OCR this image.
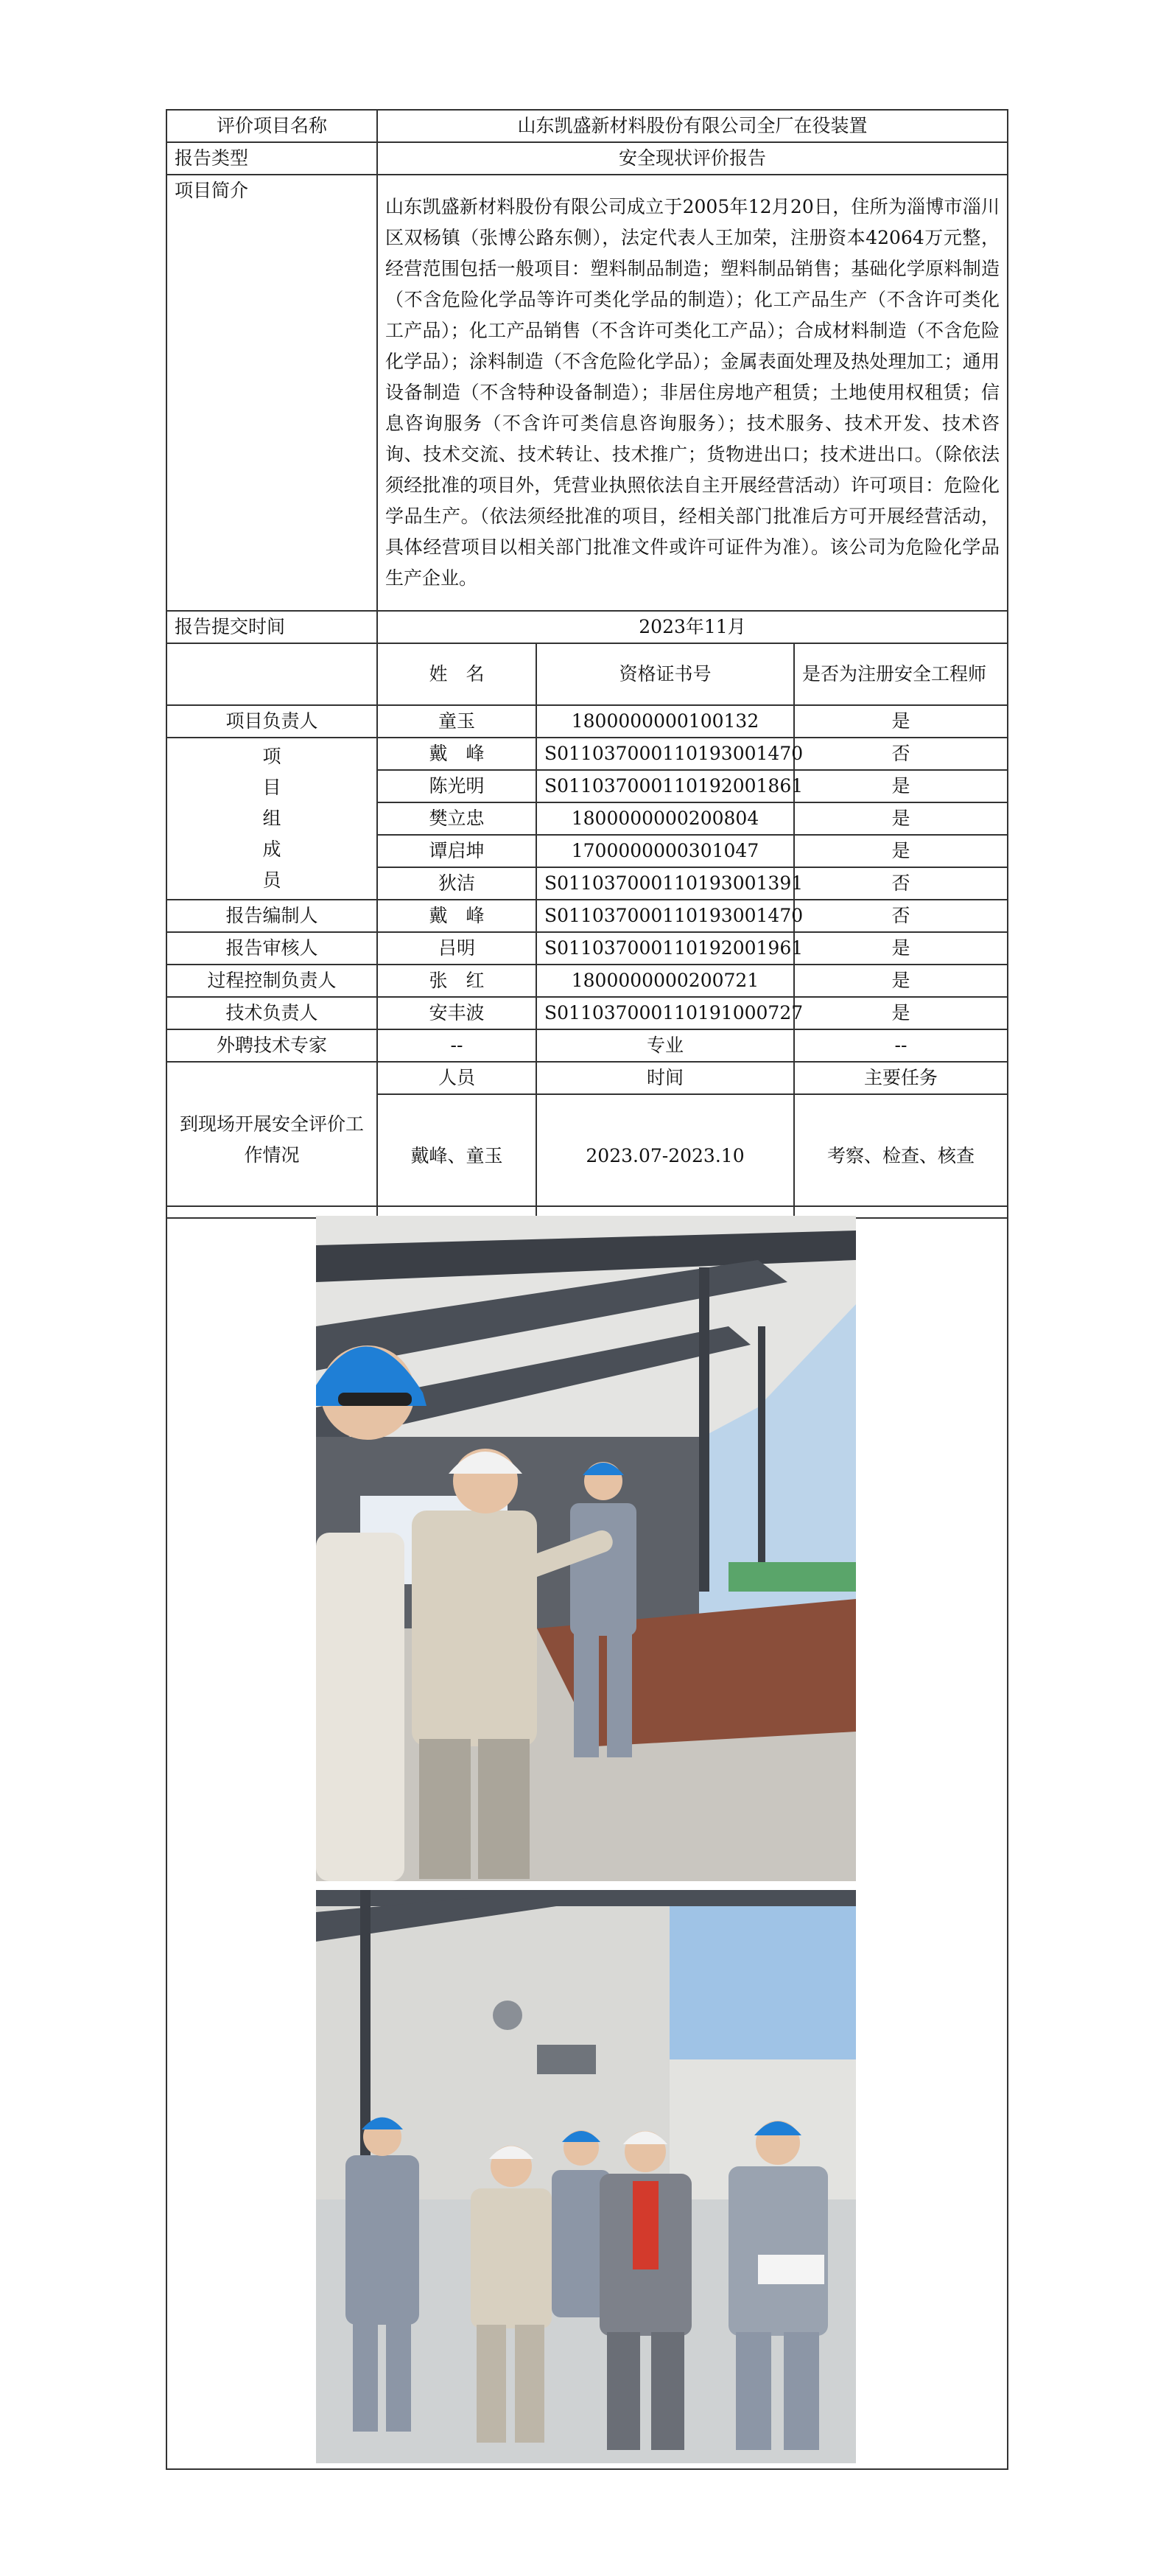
评价项目名称	山东凯盛新材料股份有限公司全厂在役装置		
报告类型	安全现状评价报告		
项目简介	山东凯盛新材料股份有限公司成立于2005年12月20日，住所为淄博市淄川区双杨镇（张博公路东侧），法定代表人王加荣，注册资本42064万元整，经营范围包括一般项目：塑料制品制造；塑料制品销售；基础化学原料制造（不含危险化学品等许可类化学品的制造）；化工产品生产（不含许可类化工产品）；化工产品销售（不含许可类化工产品）；合成材料制造（不含危险化学品）；涂料制造（不含危险化学品）；金属表面处理及热处理加工；通用设备制造（不含特种设备制造）；非居住房地产租赁；土地使用权租赁；信息咨询服务（不含许可类信息咨询服务）；技术服务、技术开发、技术咨询、技术交流、技术转让、技术推广；货物进出口；技术进出口。（除依法须经批准的项目外，凭营业执照依法自主开展经营活动）许可项目：危险化学品生产。（依法须经批准的项目，经相关部门批准后方可开展经营活动，具体经营项目以相关部门批准文件或许可证件为准）。该公司为危险化学品生产企业。		
报告提交时间	2023年11月		
	姓　名	资格证书号	是否为注册安全工程师
项目负责人	童玉	1800000000100132	是

项
目
组
成
员	戴　峰	S011037000110193001470	否
	陈光明	S011037000110192001861	是
	樊立忠	1800000000200804	是
	谭启坤	1700000000301047	是
	狄洁	S011037000110193001391	否
报告编制人	戴　峰	S011037000110193001470	否
报告审核人	吕明	S011037000110192001961	是
过程控制负责人	张　红	1800000000200721	是
技术负责人	安丰波	S011037000110191000727	是
外聘技术专家	--	专业	--
到现场开展安全评价工作情况	人员	时间	主要任务
	戴峰、童玉	2023.07-2023.10	考察、检查、核查
